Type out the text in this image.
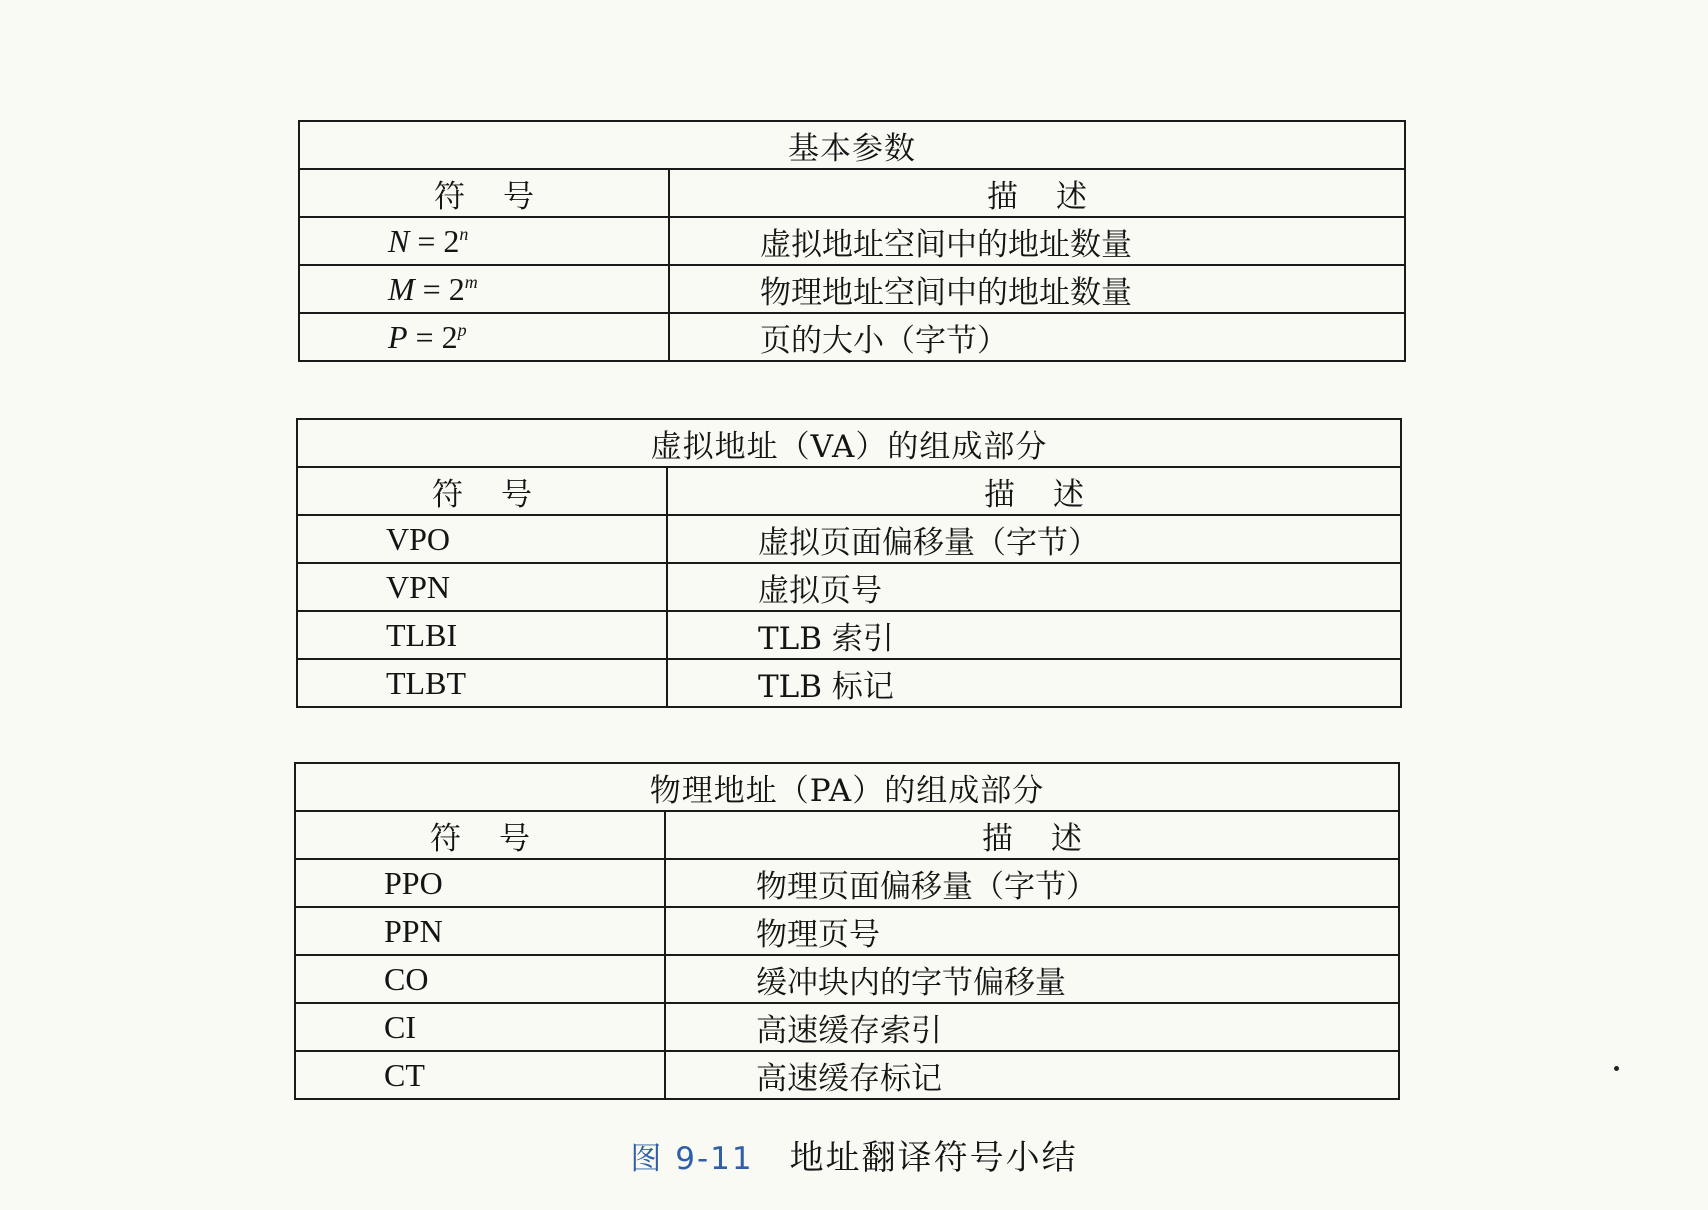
基本参数	
符号	描述
$N = 2^n$	虚拟地址空间中的地址数量
$M = 2^m$	物理地址空间中的地址数量
$P = 2^p$	页的大小（字节）
虚拟地址（VA）的组成部分	
符号	描述
VPO	虚拟页面偏移量（字节）
VPN	虚拟页号
TLBI	TLB 索引
TLBT	TLB 标记
物理地址（PA）的组成部分	
符号	描述
PPO	物理页面偏移量（字节）
PPN	物理页号
CO	缓冲块内的字节偏移量
CI	高速缓存索引
CT	高速缓存标记
图 9-11 地址翻译符号小结
